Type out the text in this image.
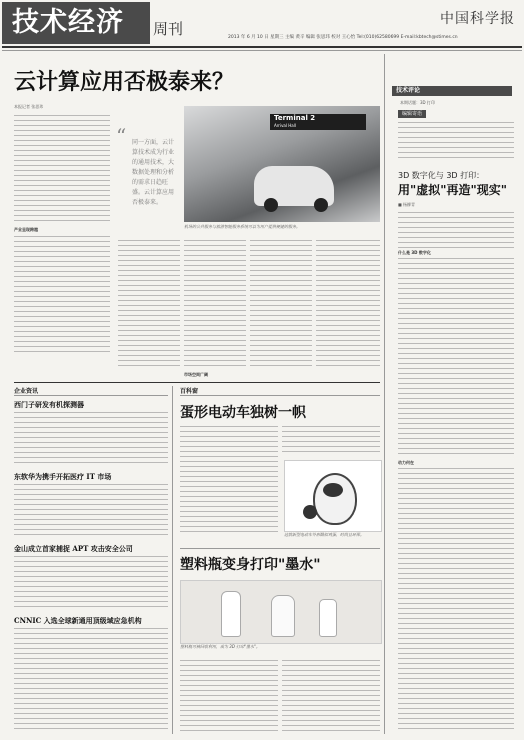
技术经济 周刊
中国科学报
2013 年 6 月 10 日 星期三 主编 黄辛 编辑 张思玮 校对 王心怡 Tel:(010)62580699 E-mail:kbtech@stimes.cn
云计算应用否极泰来？
本报记者 张思玮
产业呈现跨越
“ 同一方面，云计算技术成为行业的通用技术，大数据处理和分析的需求日趋旺盛。云计算应用否极泰来。
Terminal 2
Arrival Hall
机场的公共服务与旅游智能服务系统可以为用户提供便捷的服务。
市场空间广阔
企业资讯
西门子研发有机探测器
东软华为携手开拓医疗 IT 市场
金山成立首家捕捉 APT 攻击安全公司
CNNIC 入选全球新通用顶级域应急机构
百科窗
蛋形电动车独树一帜
这款新型电动车外形酷似鸡蛋，时尚且环保。
塑料瓶变身打印"墨水"
塑料瓶可被回收利用，成为 3D 打印"墨水"。
技术评论
本期话题：3D 打印
编辑寄语
3D 数字化与 3D 打印：
用"虚拟"再造"现实"
■ 杨柳青
什么是 3D 数字化
动力何在
